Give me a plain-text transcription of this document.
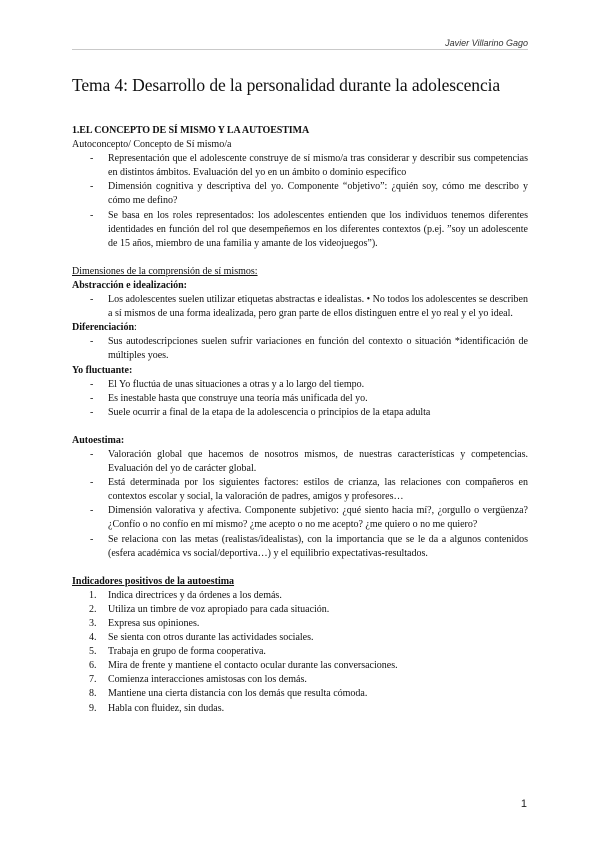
Javier Villarino Gago
Tema 4: Desarrollo de la personalidad durante la adolescencia

1.EL CONCEPTO DE SÍ MISMO Y LA AUTOESTIMA

Autoconcepto/ Concepto de Sí mismo/a

- Representación que el adolescente construye de sí mismo/a tras considerar y describir sus competencias en distintos ámbitos. Evaluación del yo en un ámbito o dominio específico
- Dimensión cognitiva y descriptiva del yo. Componente “objetivo”: ¿quién soy, cómo me describo y cómo me defino?
- Se basa en los roles representados: los adolescentes entienden que los individuos tenemos diferentes identidades en función del rol que desempeñemos en los diferentes contextos (p.ej. ”soy un adolescente de 15 años, miembro de una familia y amante de los videojuegos”).

Dimensiones de la comprensión de sí mismos:

Abstracción e idealización:

- Los adolescentes suelen utilizar etiquetas abstractas e idealistas. • No todos los adolescentes se describen a sí mismos de una forma idealizada, pero gran parte de ellos distinguen entre el yo real y el yo ideal.

Diferenciación:

- Sus autodescripciones suelen sufrir variaciones en función del contexto o situación *identificación de múltiples yoes.

Yo fluctuante:

- El Yo fluctúa de unas situaciones a otras y a lo largo del tiempo.
- Es inestable hasta que construye una teoría más unificada del yo.
- Suele ocurrir a final de la etapa de la adolescencia o principios de la etapa adulta

Autoestima:

- Valoración global que hacemos de nosotros mismos, de nuestras características y competencias. Evaluación del yo de carácter global.
- Está determinada por los siguientes factores: estilos de crianza, las relaciones con compañeros en contextos escolar y social, la valoración de padres, amigos y profesores…
- Dimensión valorativa y afectiva. Componente subjetivo: ¿qué siento hacia mí?, ¿orgullo o vergüenza? ¿Confío o no confío en mí mismo? ¿me acepto o no me acepto? ¿me quiero o no me quiero?
- Se relaciona con las metas (realistas/idealistas), con la importancia que se le da a algunos contenidos (esfera académica vs social/deportiva…) y el equilibrio expectativas-resultados.

Indicadores positivos de la autoestima

1. Indica directrices y da órdenes a los demás.
2. Utiliza un timbre de voz apropiado para cada situación.
3. Expresa sus opiniones.
4. Se sienta con otros durante las actividades sociales.
5. Trabaja en grupo de forma cooperativa.
6. Mira de frente y mantiene el contacto ocular durante las conversaciones.
7. Comienza interacciones amistosas con los demás.
8. Mantiene una cierta distancia con los demás que resulta cómoda.
9. Habla con fluidez, sin dudas.
1
